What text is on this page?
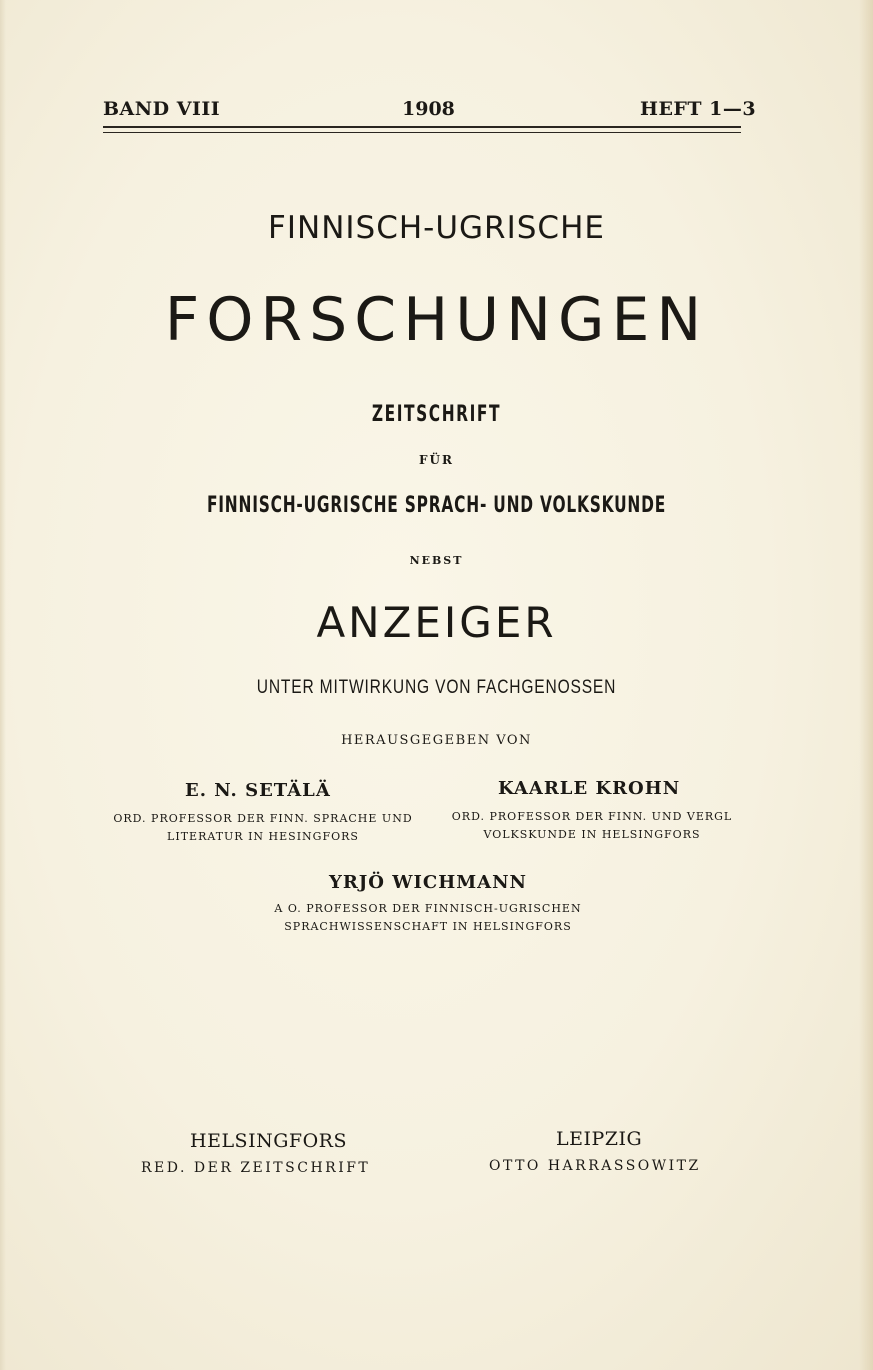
BAND VIII	1908	HEFT 1—3
FINNISCH-UGRISCHE
FORSCHUNGEN
ZEITSCHRIFT
FÜR
FINNISCH-UGRISCHE SPRACH- UND VOLKSKUNDE
NEBST
ANZEIGER
UNTER MITWIRKUNG VON FACHGENOSSEN
HERAUSGEGEBEN VON
E. N. SETÄLÄ
ORD. PROFESSOR DER FINN. SPRACHE UND
LITERATUR IN HESINGFORS
KAARLE KROHN
ORD. PROFESSOR DER FINN. UND VERGL
VOLKSKUNDE IN HELSINGFORS
YRJÖ WICHMANN
A O. PROFESSOR DER FINNISCH-UGRISCHEN
SPRACHWISSENSCHAFT IN HELSINGFORS
HELSINGFORS
RED. DER ZEITSCHRIFT
LEIPZIG
OTTO HARRASSOWITZ
